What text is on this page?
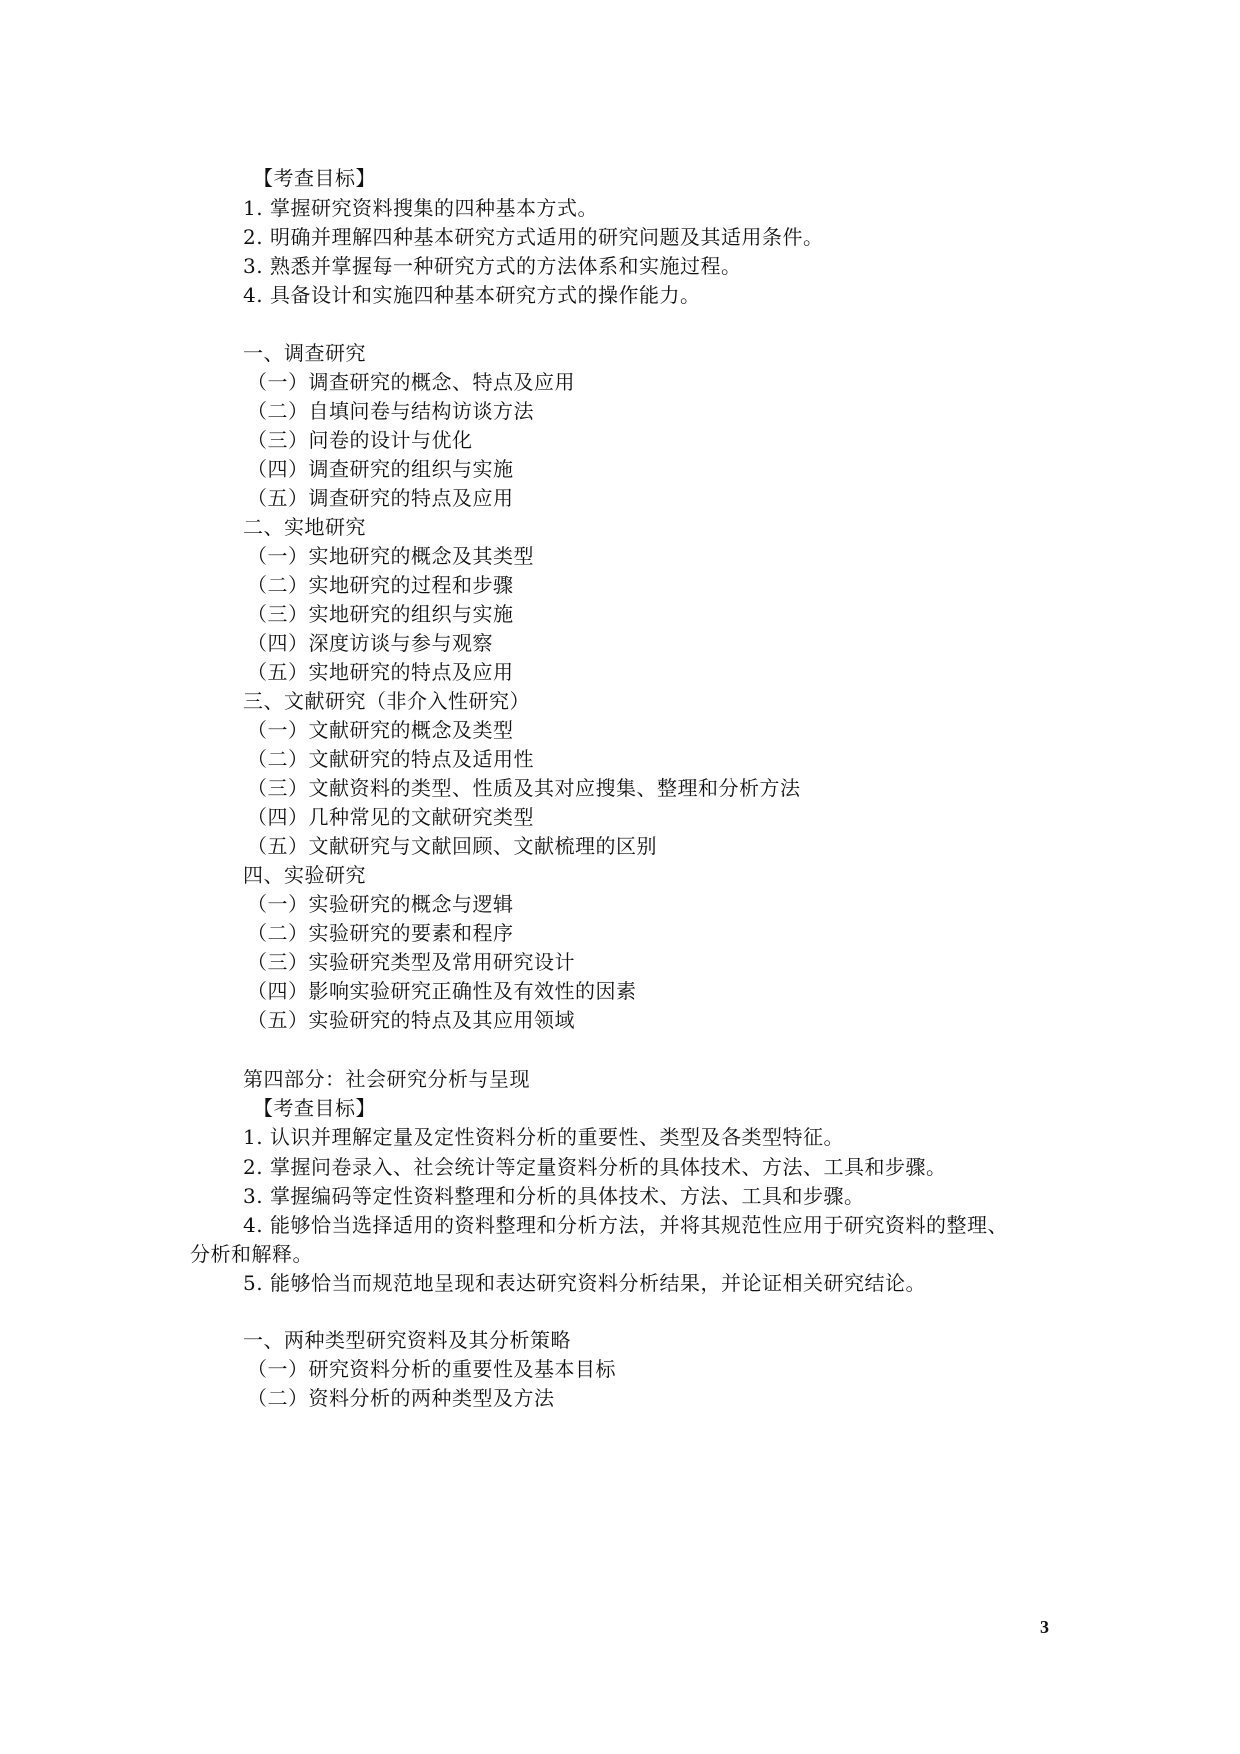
【考查目标】
1. 掌握研究资料搜集的四种基本方式。
2. 明确并理解四种基本研究方式适用的研究问题及其适用条件。
3. 熟悉并掌握每一种研究方式的方法体系和实施过程。
4. 具备设计和实施四种基本研究方式的操作能力。
一、调查研究
（一）调查研究的概念、特点及应用
（二）自填问卷与结构访谈方法
（三）问卷的设计与优化
（四）调查研究的组织与实施
（五）调查研究的特点及应用
二、实地研究
（一）实地研究的概念及其类型
（二）实地研究的过程和步骤
（三）实地研究的组织与实施
（四）深度访谈与参与观察
（五）实地研究的特点及应用
三、文献研究（非介入性研究）
（一）文献研究的概念及类型
（二）文献研究的特点及适用性
（三）文献资料的类型、性质及其对应搜集、整理和分析方法
（四）几种常见的文献研究类型
（五）文献研究与文献回顾、文献梳理的区别
四、实验研究
（一）实验研究的概念与逻辑
（二）实验研究的要素和程序
（三）实验研究类型及常用研究设计
（四）影响实验研究正确性及有效性的因素
（五）实验研究的特点及其应用领域
第四部分：社会研究分析与呈现
【考查目标】
1. 认识并理解定量及定性资料分析的重要性、类型及各类型特征。
2. 掌握问卷录入、社会统计等定量资料分析的具体技术、方法、工具和步骤。
3. 掌握编码等定性资料整理和分析的具体技术、方法、工具和步骤。
4. 能够恰当选择适用的资料整理和分析方法，并将其规范性应用于研究资料的整理、
分析和解释。
5. 能够恰当而规范地呈现和表达研究资料分析结果，并论证相关研究结论。
一、两种类型研究资料及其分析策略
（一）研究资料分析的重要性及基本目标
（二）资料分析的两种类型及方法
3
